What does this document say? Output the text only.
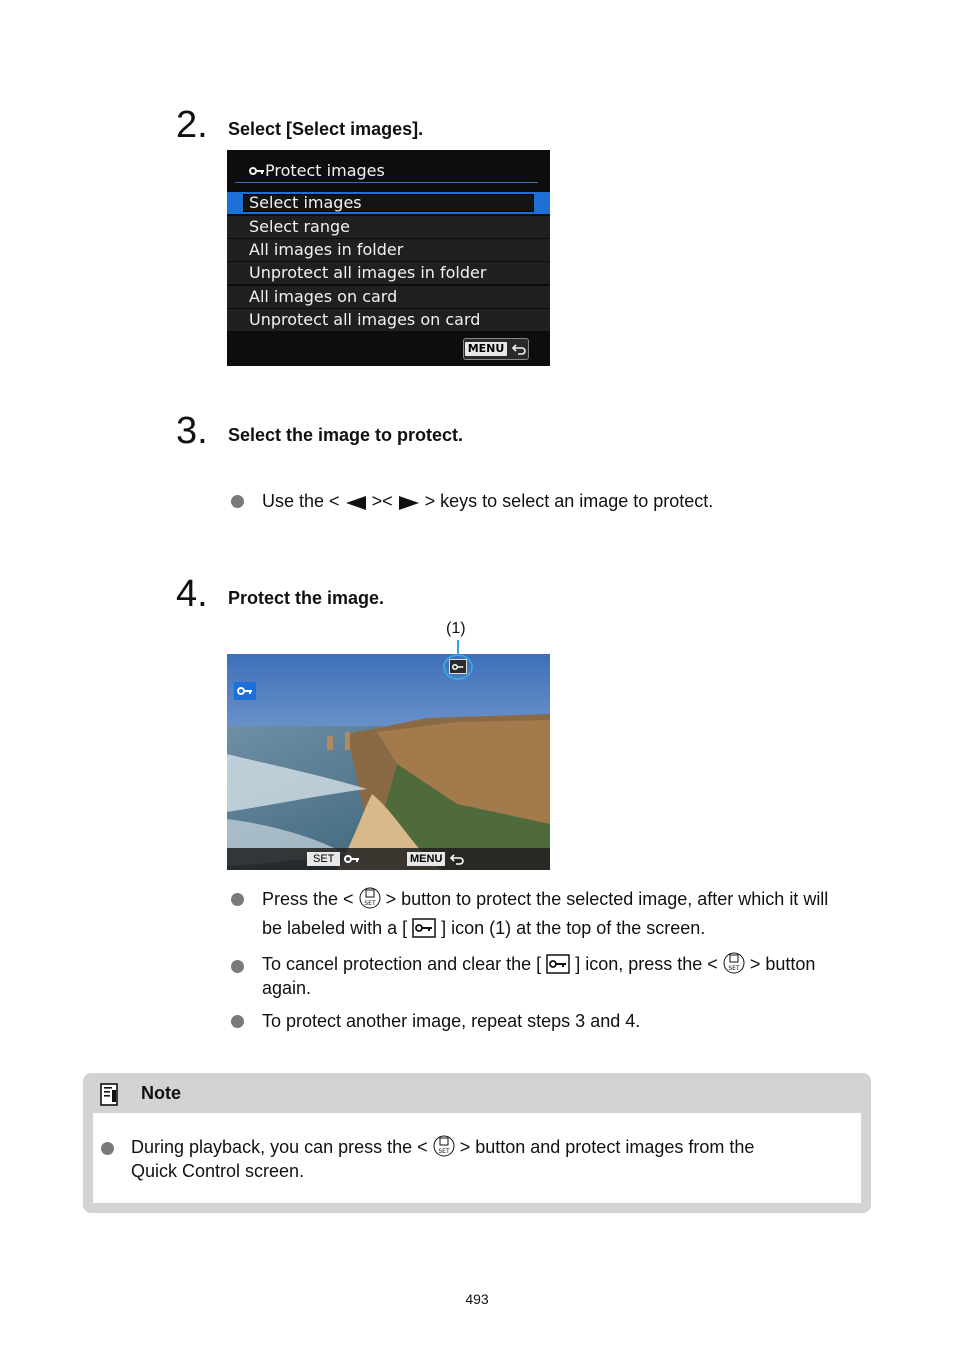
2. Select [Select images].
Protect images
Select images
Select range
All images in folder
Unprotect all images in folder
All images on card
Unprotect all images on card
MENU
3. Select the image to protect.
Use the < >< > keys to select an image to protect.
4. Protect the image.
(1)
SET	MENU
Press the < SET > button to protect the selected image, after which it will
be labeled with a [ ] icon (1) at the top of the screen.
To cancel protection and clear the [ ] icon, press the < SET > button
again.
To protect another image, repeat steps 3 and 4.
Note
During playback, you can press the < SET > button and protect images from the
Quick Control screen.
493
